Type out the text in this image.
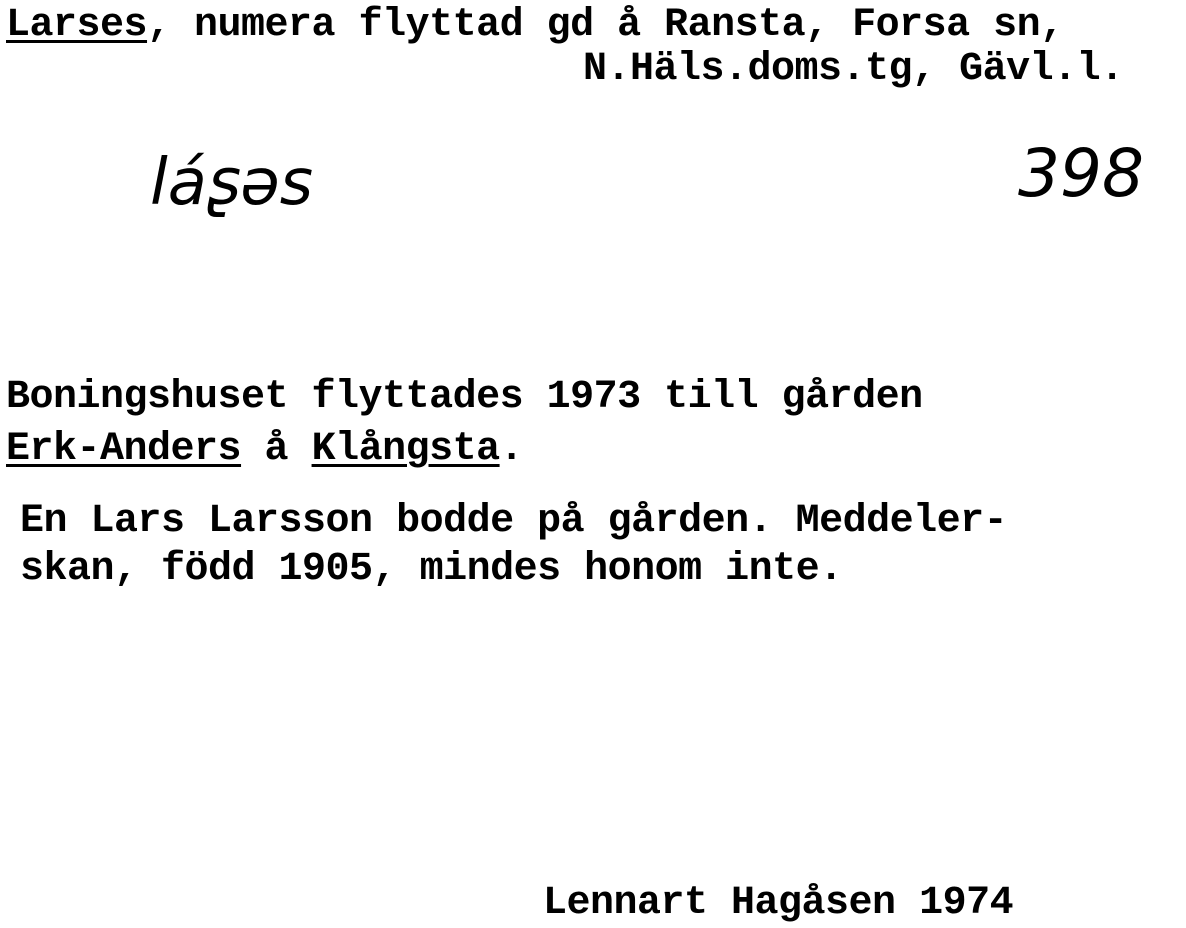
Larses, numera flyttad gd å Ransta, Forsa sn,
N.Häls.doms.tg, Gävl.l.
láʂəs	398
Boningshuset flyttades 1973 till gården
Erk-Anders å Klångsta.
En Lars Larsson bodde på gården. Meddeler-
skan, född 1905, mindes honom inte.
Lennart Hagåsen 1974
